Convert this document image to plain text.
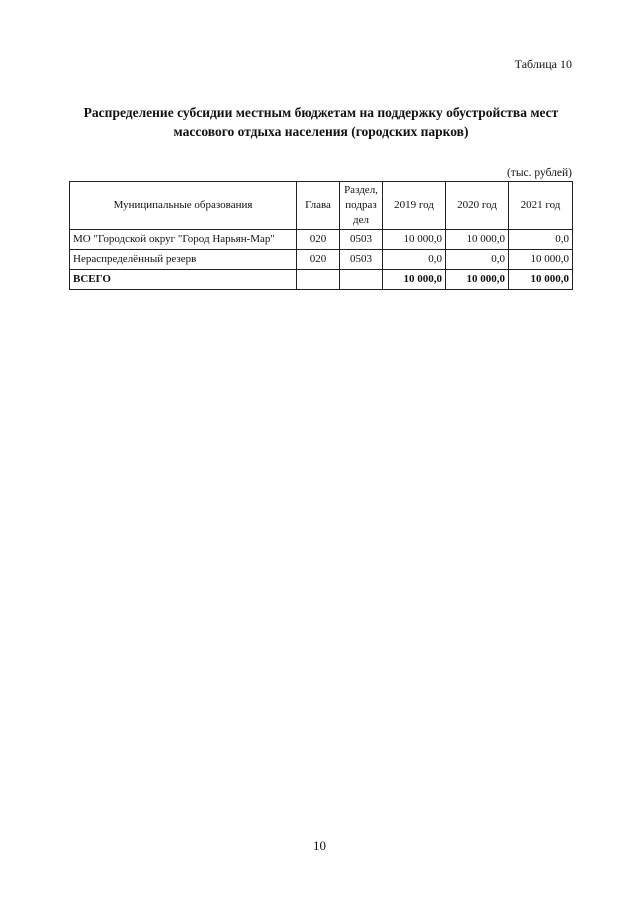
Таблица 10
Распределение субсидии местным бюджетам на поддержку обустройства мест
массового отдыха населения (городских парков)
(тыс. рублей)
Муниципальные образования	Глава	Раздел, подраз дел	2019 год	2020 год	2021 год
МО "Городской округ "Город Нарьян-Мар"	020	0503	10 000,0	10 000,0	0,0
Нераспределённый резерв	020	0503	0,0	0,0	10 000,0
ВСЕГО			10 000,0	10 000,0	10 000,0
10
